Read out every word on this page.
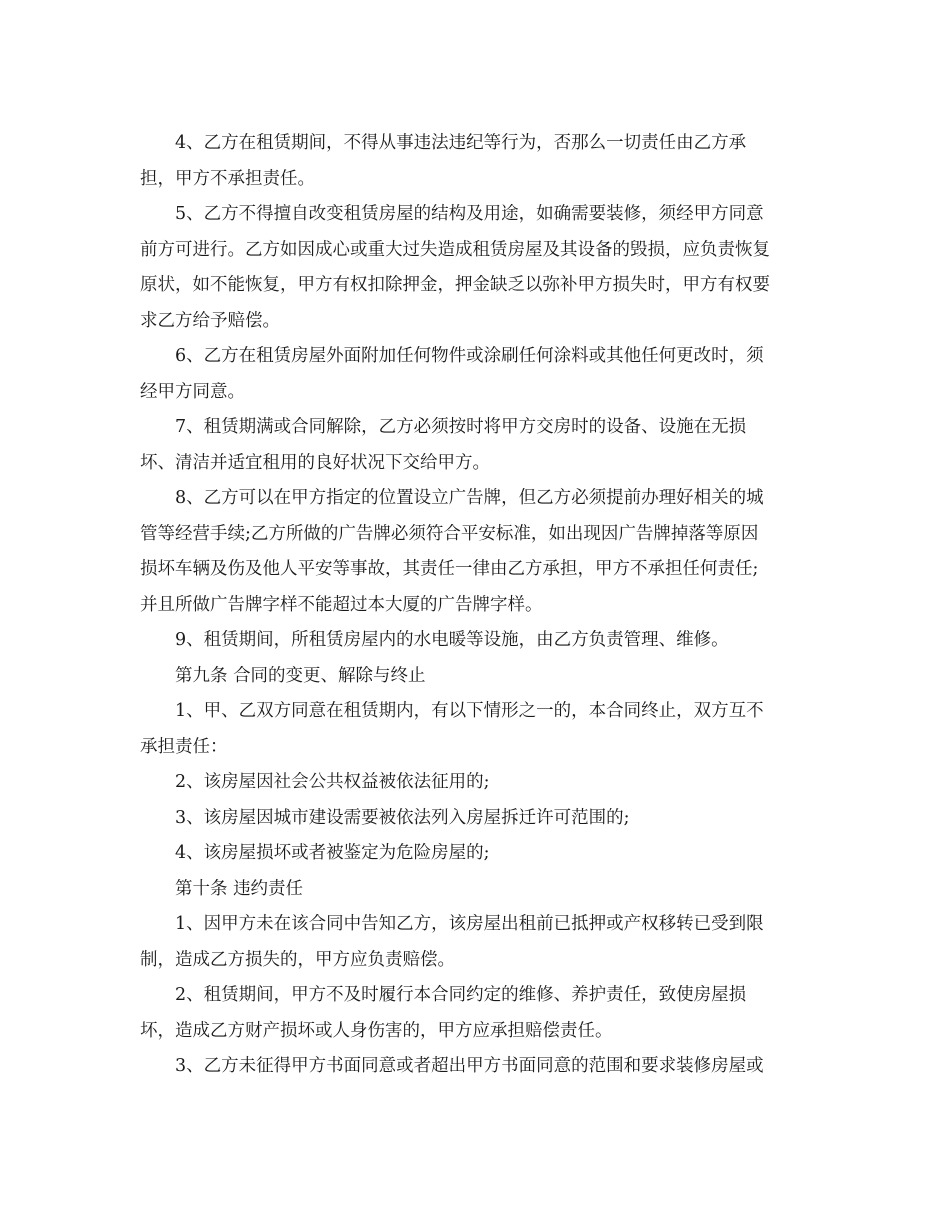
4、乙方在租赁期间，不得从事违法违纪等行为，否那么一切责任由乙方承
担，甲方不承担责任。

5、乙方不得擅自改变租赁房屋的结构及用途，如确需要装修，须经甲方同意
前方可进行。乙方如因成心或重大过失造成租赁房屋及其设备的毁损，应负责恢复
原状，如不能恢复，甲方有权扣除押金，押金缺乏以弥补甲方损失时，甲方有权要
求乙方给予赔偿。

6、乙方在租赁房屋外面附加任何物件或涂刷任何涂料或其他任何更改时，须
经甲方同意。

7、租赁期满或合同解除，乙方必须按时将甲方交房时的设备、设施在无损
坏、清洁并适宜租用的良好状况下交给甲方。

8、乙方可以在甲方指定的位置设立广告牌，但乙方必须提前办理好相关的城
管等经营手续;乙方所做的广告牌必须符合平安标准，如出现因广告牌掉落等原因
损坏车辆及伤及他人平安等事故，其责任一律由乙方承担，甲方不承担任何责任;
并且所做广告牌字样不能超过本大厦的广告牌字样。

9、租赁期间，所租赁房屋内的水电暖等设施，由乙方负责管理、维修。

第九条 合同的变更、解除与终止

1、甲、乙双方同意在租赁期内，有以下情形之一的，本合同终止，双方互不
承担责任：

2、该房屋因社会公共权益被依法征用的;

3、该房屋因城市建设需要被依法列入房屋拆迁许可范围的;

4、该房屋损坏或者被鉴定为危险房屋的;

第十条 违约责任

1、因甲方未在该合同中告知乙方，该房屋出租前已抵押或产权移转已受到限
制，造成乙方损失的，甲方应负责赔偿。

2、租赁期间，甲方不及时履行本合同约定的维修、养护责任，致使房屋损
坏，造成乙方财产损坏或人身伤害的，甲方应承担赔偿责任。

3、乙方未征得甲方书面同意或者超出甲方书面同意的范围和要求装修房屋或
